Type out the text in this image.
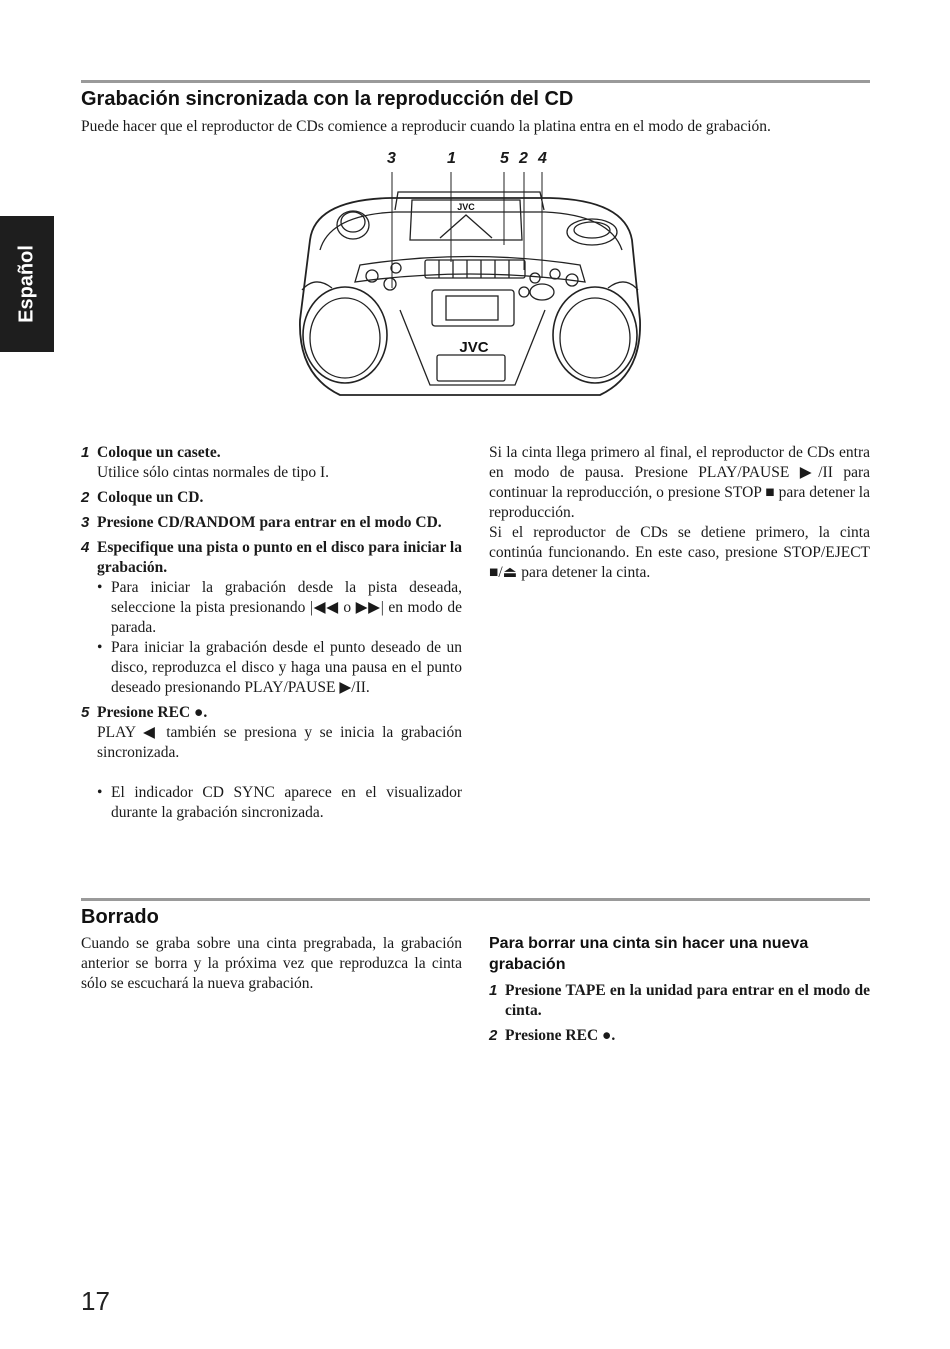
Español
Grabación sincronizada con la reproducción del CD
Puede hacer que el reproductor de CDs comience a reproducir cuando la platina entra en el modo de grabación.
3	1	5 2 4
JVC
JVC
1 Coloque un casete.
Utilice sólo cintas normales de tipo I.
2 Coloque un CD.
3 Presione CD/RANDOM para entrar en el modo CD.
4 Especifique una pista o punto en el disco para iniciar la grabación.
• Para iniciar la grabación desde la pista deseada, seleccione la pista presionando |◀◀ o ▶▶| en modo de parada.
• Para iniciar la grabación desde el punto deseado de un disco, reproduzca el disco y haga una pausa en el punto deseado presionando PLAY/PAUSE ▶/II.
5 Presione REC ●.
PLAY ◀ también se presiona y se inicia la grabación sincronizada.
• El indicador CD SYNC aparece en el visualizador durante la grabación sincronizada.
Si la cinta llega primero al final, el reproductor de CDs entra en modo de pausa. Presione PLAY/PAUSE ▶/II para continuar la reproducción, o presione STOP ■ para detener la reproducción.
Si el reproductor de CDs se detiene primero, la cinta continúa funcionando. En este caso, presione STOP/EJECT ■/⏏ para detener la cinta.
Borrado
Cuando se graba sobre una cinta pregrabada, la grabación anterior se borra y la próxima vez que reproduzca la cinta sólo se escuchará la nueva grabación.
Para borrar una cinta sin hacer una nueva grabación
1 Presione TAPE en la unidad para entrar en el modo de cinta.
2 Presione REC ●.
17
